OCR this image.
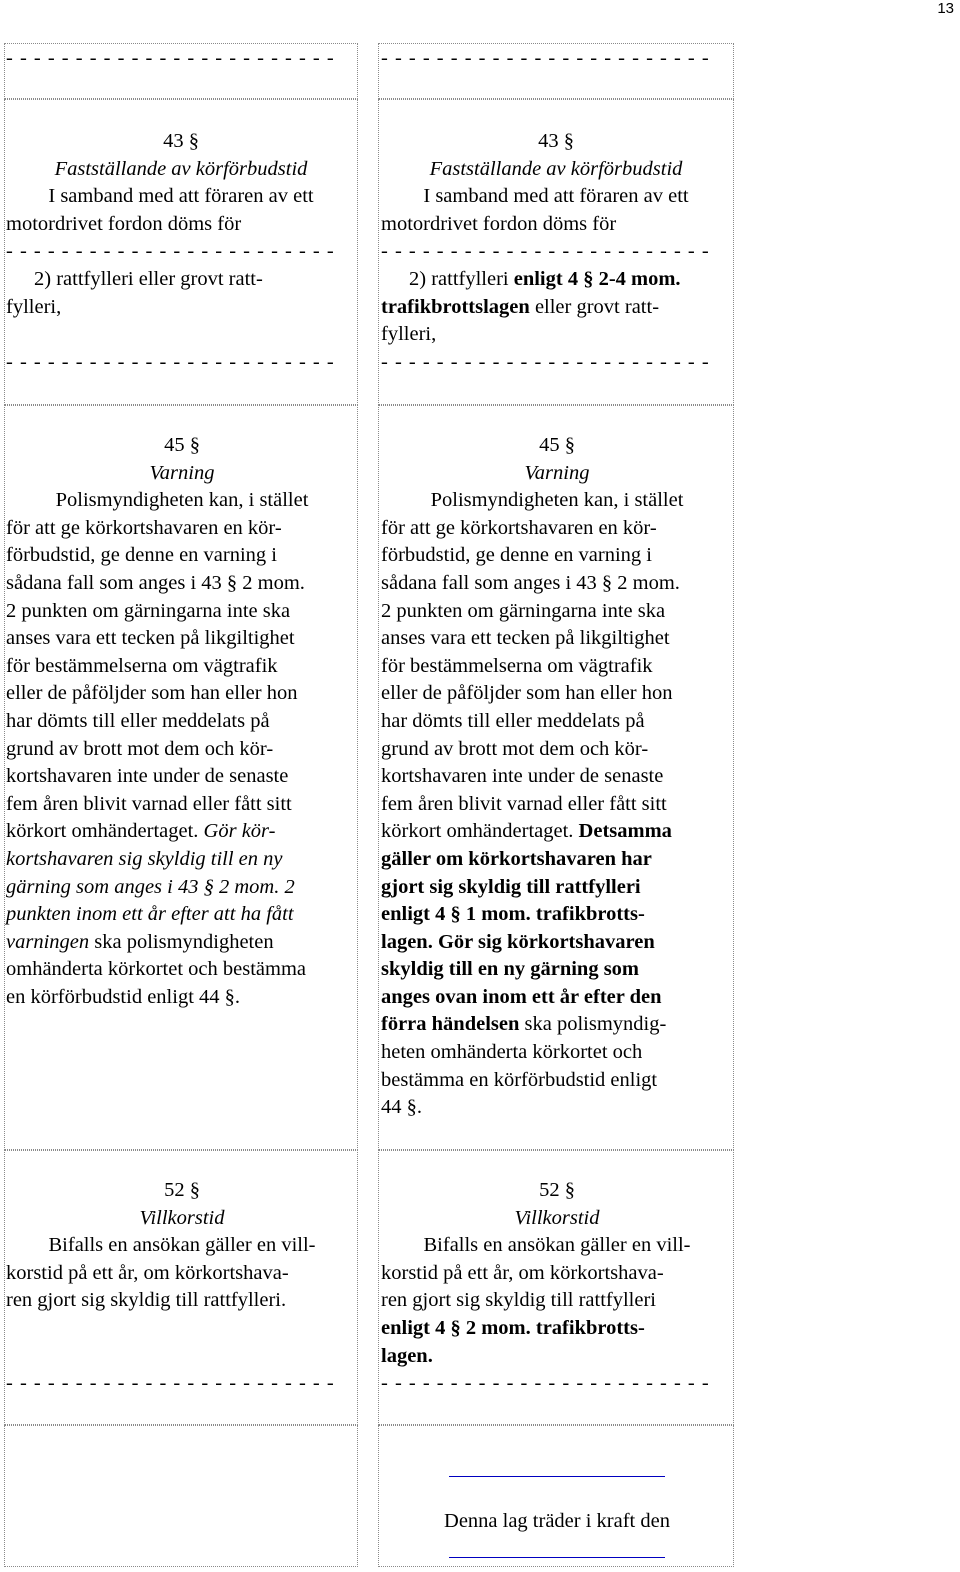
13
- - - - - - - - - - - - - - - - - - - - - - - -	- - - - - - - - - - - - - - - - - - - - - - - -
43 §
Fastställande av körförbudstid
I samband med att föraren av ett
motordrivet fordon döms för
- - - - - - - - - - - - - - - - - - - - - - - -
2) rattfylleri eller grovt ratt-
fylleri,
- - - - - - - - - - - - - - - - - - - - - - - -
43 §
Fastställande av körförbudstid
I samband med att föraren av ett
motordrivet fordon döms för
- - - - - - - - - - - - - - - - - - - - - - - -
2) rattfylleri enligt 4 § 2-4 mom.
trafikbrottslagen eller grovt ratt-
fylleri,
- - - - - - - - - - - - - - - - - - - - - - - -
45 §
Varning
Polismyndigheten kan, i stället
för att ge körkortshavaren en kör-
förbudstid, ge denne en varning i
sådana fall som anges i 43 § 2 mom.
2 punkten om gärningarna inte ska
anses vara ett tecken på likgiltighet
för bestämmelserna om vägtrafik
eller de påföljder som han eller hon
har dömts till eller meddelats på
grund av brott mot dem och kör-
kortshavaren inte under de senaste
fem åren blivit varnad eller fått sitt
körkort omhändertaget. Gör kör-
kortshavaren sig skyldig till en ny
gärning som anges i 43 § 2 mom. 2
punkten inom ett år efter att ha fått
varningen ska polismyndigheten
omhänderta körkortet och bestämma
en körförbudstid enligt 44 §.
45 §
Varning
Polismyndigheten kan, i stället
för att ge körkortshavaren en kör-
förbudstid, ge denne en varning i
sådana fall som anges i 43 § 2 mom.
2 punkten om gärningarna inte ska
anses vara ett tecken på likgiltighet
för bestämmelserna om vägtrafik
eller de påföljder som han eller hon
har dömts till eller meddelats på
grund av brott mot dem och kör-
kortshavaren inte under de senaste
fem åren blivit varnad eller fått sitt
körkort omhändertaget. Detsamma
gäller om körkortshavaren har
gjort sig skyldig till rattfylleri
enligt 4 § 1 mom. trafikbrotts-
lagen. Gör sig körkortshavaren
skyldig till en ny gärning som
anges ovan inom ett år efter den
förra händelsen ska polismyndig-
heten omhänderta körkortet och
bestämma en körförbudstid enligt
44 §.
52 §
Villkorstid
Bifalls en ansökan gäller en vill-
korstid på ett år, om körkortshava-
ren gjort sig skyldig till rattfylleri.
- - - - - - - - - - - - - - - - - - - - - - - -
52 §
Villkorstid
Bifalls en ansökan gäller en vill-
korstid på ett år, om körkortshava-
ren gjort sig skyldig till rattfylleri
enligt 4 § 2 mom. trafikbrotts-
lagen.
- - - - - - - - - - - - - - - - - - - - - - - -
Denna lag träder i kraft den
